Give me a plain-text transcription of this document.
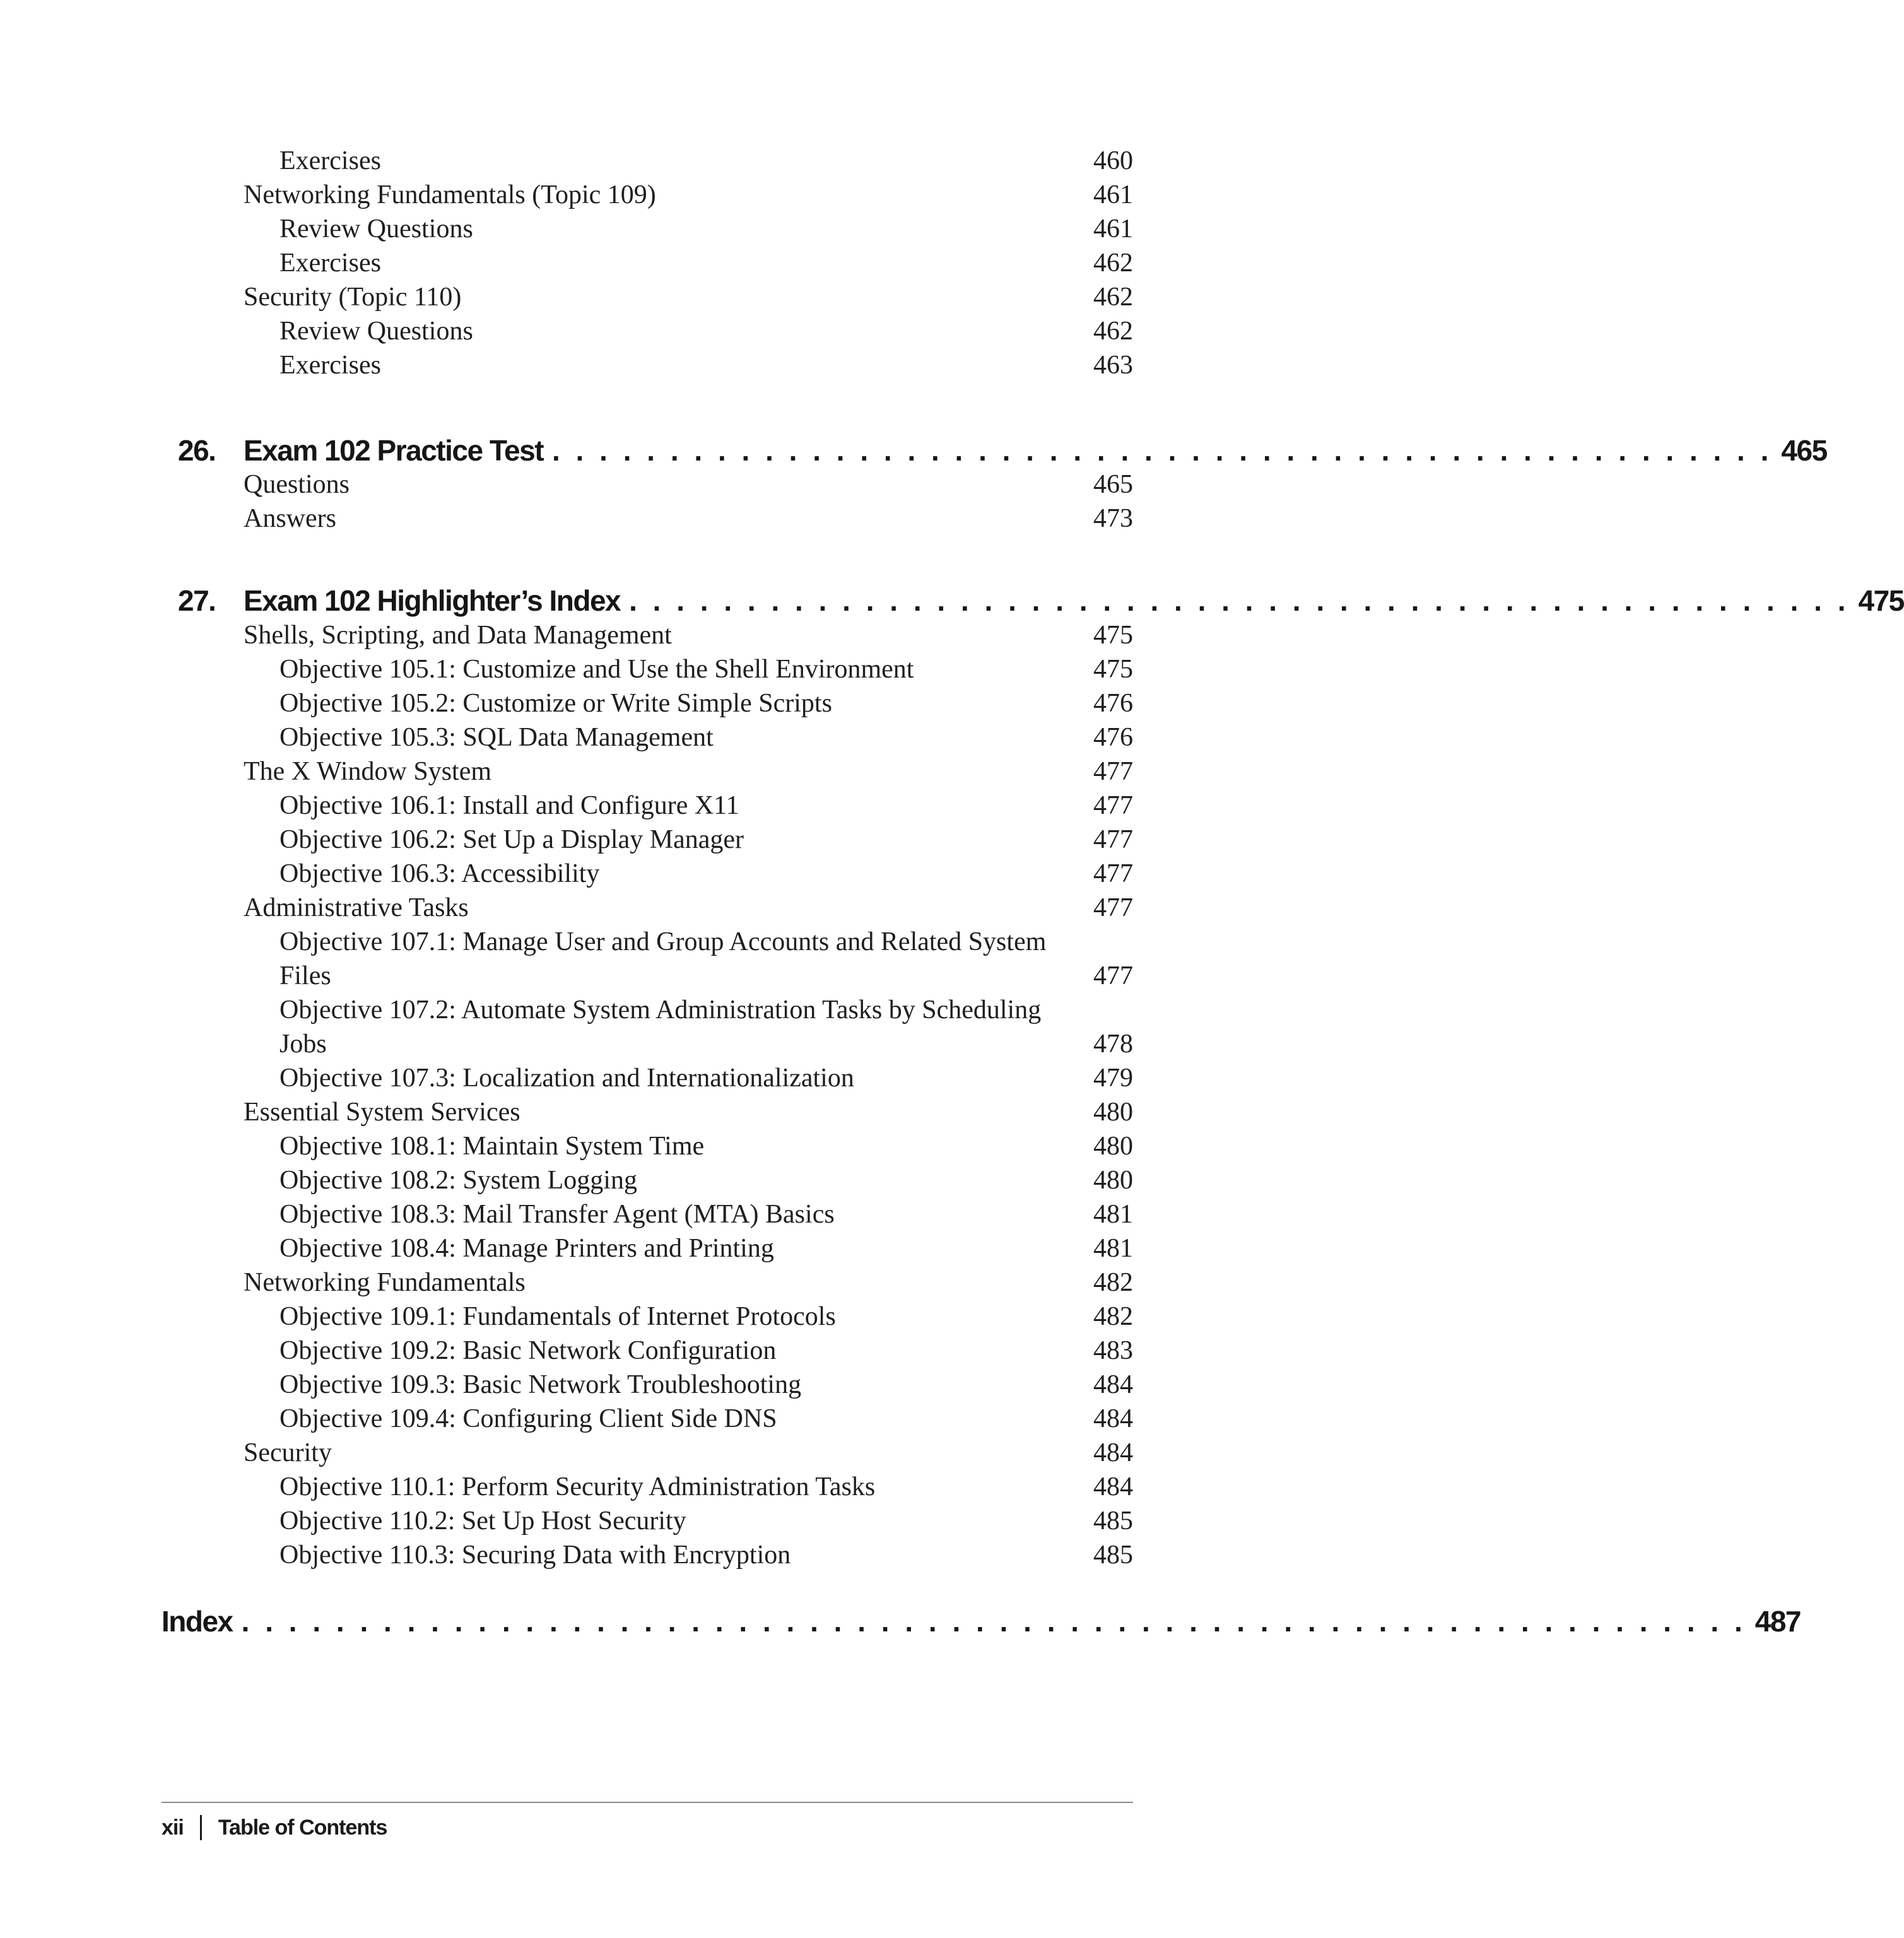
Exercises	460
Networking Fundamentals (Topic 109)	461
Review Questions	461
Exercises	462
Security (Topic 110)	462
Review Questions	462
Exercises	463
26. Exam 102 Practice Test . . . . . . . . . . . . . . . . . . . . . . . . . . . . . . . . . . . . . . . . . . . . . . . . . . . . 465
Questions	465
Answers	473
27. Exam 102 Highlighter’s Index . . . . . . . . . . . . . . . . . . . . . . . . . . . . . . . . . . . . . . . . . . . . . . . . . . . . 475
Shells, Scripting, and Data Management	475
Objective 105.1: Customize and Use the Shell Environment	475
Objective 105.2: Customize or Write Simple Scripts	476
Objective 105.3: SQL Data Management	476
The X Window System	477
Objective 106.1: Install and Configure X11	477
Objective 106.2: Set Up a Display Manager	477
Objective 106.3: Accessibility	477
Administrative Tasks	477
Objective 107.1: Manage User and Group Accounts and Related System Files	477
Objective 107.2: Automate System Administration Tasks by Scheduling Jobs	478
Objective 107.3: Localization and Internationalization	479
Essential System Services	480
Objective 108.1: Maintain System Time	480
Objective 108.2: System Logging	480
Objective 108.3: Mail Transfer Agent (MTA) Basics	481
Objective 108.4: Manage Printers and Printing	481
Networking Fundamentals	482
Objective 109.1: Fundamentals of Internet Protocols	482
Objective 109.2: Basic Network Configuration	483
Objective 109.3: Basic Network Troubleshooting	484
Objective 109.4: Configuring Client Side DNS	484
Security	484
Objective 110.1: Perform Security Administration Tasks	484
Objective 110.2: Set Up Host Security	485
Objective 110.3: Securing Data with Encryption	485
Index . . . . . . . . . . . . . . . . . . . . . . . . . . . . . . . . . . . . . . . . . . . . . . . . . . . . . . . . . . . . . . . . 487
xii Table of Contents
